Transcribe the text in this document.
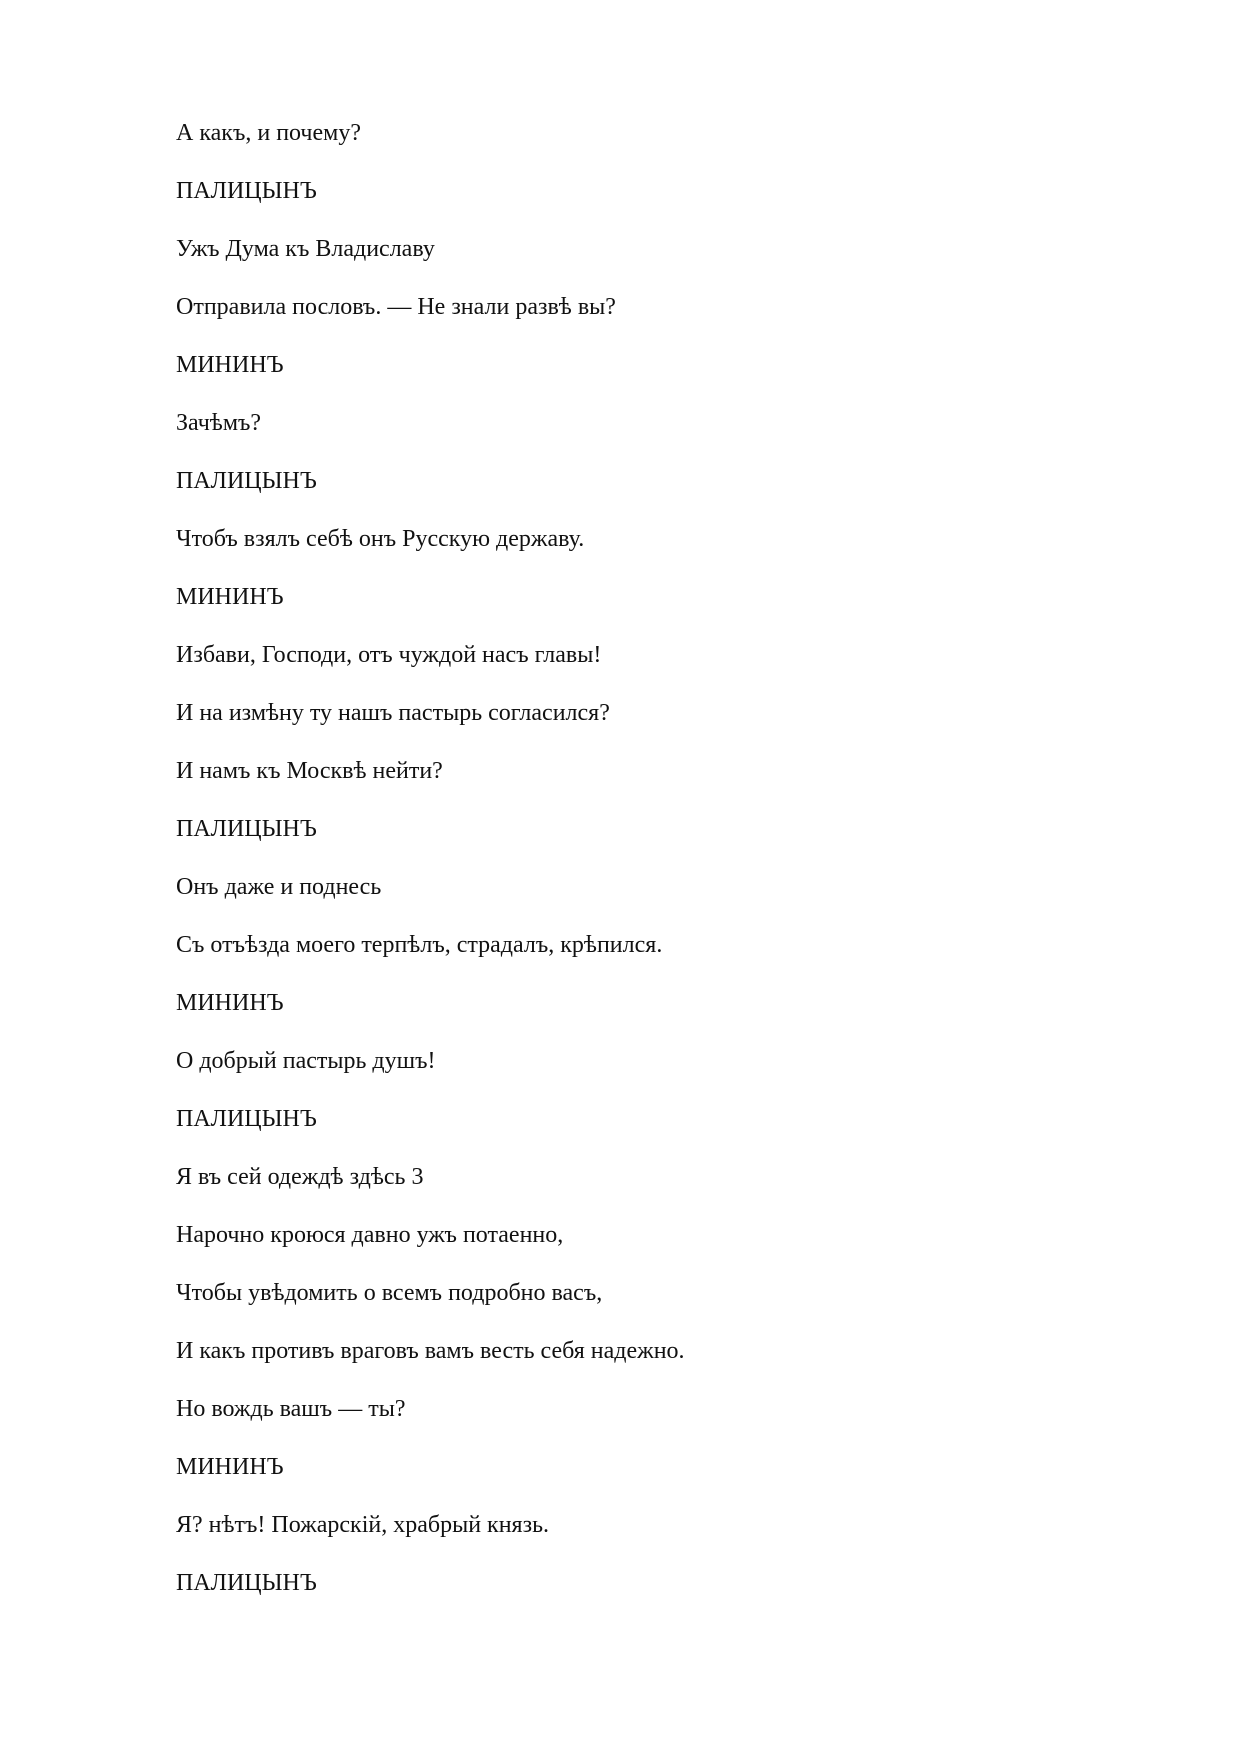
А какъ, и почему?
ПАЛИЦЫНЪ
Ужъ Дума къ Владиславу
Отправила пословъ. — Не знали развѣ вы?
МИНИНЪ
Зачѣмъ?
ПАЛИЦЫНЪ
Чтобъ взялъ себѣ онъ Русскую державу.
МИНИНЪ
Избави, Господи, отъ чуждой насъ главы!
И на измѣну ту нашъ пастырь согласился?
И намъ къ Москвѣ нейти?
ПАЛИЦЫНЪ
Онъ даже и поднесь
Съ отъѣзда моего терпѣлъ, страдалъ, крѣпился.
МИНИНЪ
О добрый пастырь душъ!
ПАЛИЦЫНЪ
Я въ сей одеждѣ здѣсь 3
Нарочно кроюся давно ужъ потаенно,
Чтобы увѣдомить о всемъ подробно васъ,
И какъ противъ враговъ вамъ весть себя надежно.
Но вождь вашъ — ты?
МИНИНЪ
Я? нѣтъ! Пожарскій, храбрый князь.
ПАЛИЦЫНЪ
